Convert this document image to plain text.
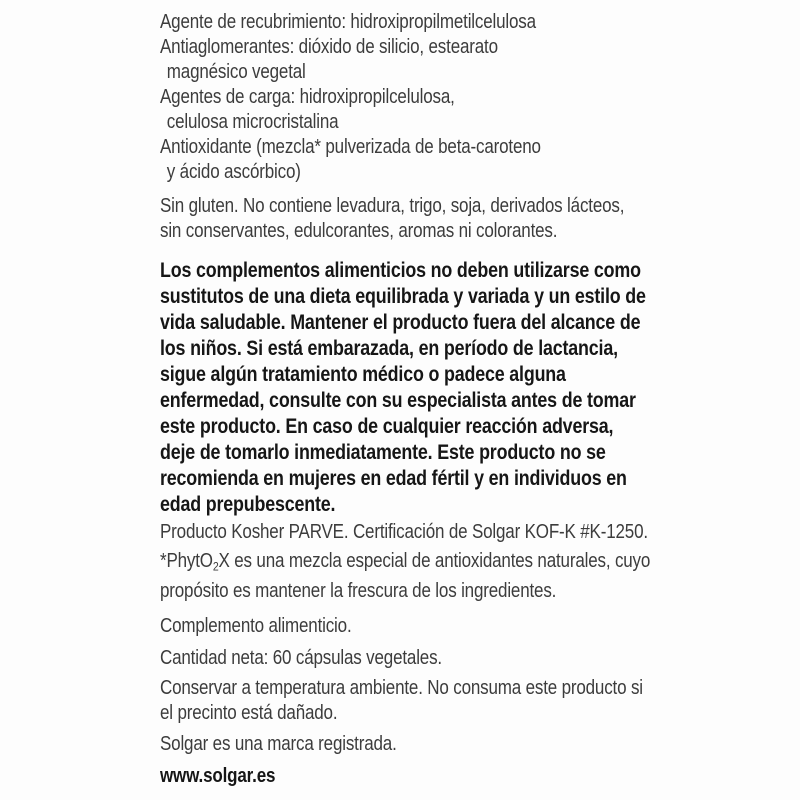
Agente de recubrimiento: hidroxipropilmetilcelulosa
Antiaglomerantes: dióxido de silicio, estearato
magnésico vegetal
Agentes de carga: hidroxipropilcelulosa,
celulosa microcristalina
Antioxidante (mezcla* pulverizada de beta-caroteno
y ácido ascórbico)
Sin gluten. No contiene levadura, trigo, soja, derivados lácteos,
sin conservantes, edulcorantes, aromas ni colorantes.
Los complementos alimenticios no deben utilizarse como
sustitutos de una dieta equilibrada y variada y un estilo de
vida saludable. Mantener el producto fuera del alcance de
los niños. Si está embarazada, en período de lactancia,
sigue algún tratamiento médico o padece alguna
enfermedad, consulte con su especialista antes de tomar
este producto. En caso de cualquier reacción adversa,
deje de tomarlo inmediatamente. Este producto no se
recomienda en mujeres en edad fértil y en individuos en
edad prepubescente.
Producto Kosher PARVE. Certificación de Solgar KOF-K #K-1250.
*PhytO$_2$X es una mezcla especial de antioxidantes naturales, cuyo
propósito es mantener la frescura de los ingredientes.
Complemento alimenticio.
Cantidad neta: 60 cápsulas vegetales.
Conservar a temperatura ambiente. No consuma este producto si
el precinto está dañado.
Solgar es una marca registrada.
www.solgar.es
